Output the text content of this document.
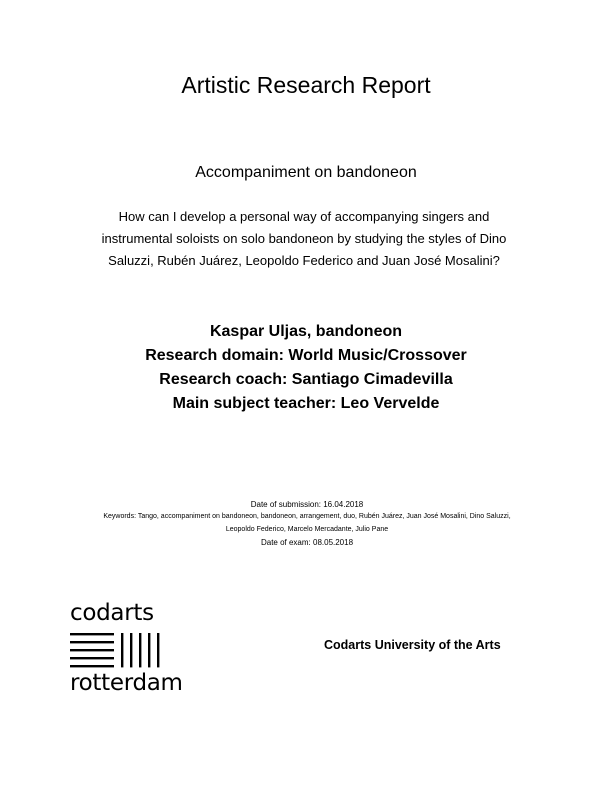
Artistic Research Report
Accompaniment on bandoneon
How can I develop a personal way of accompanying singers and
instrumental soloists on solo bandoneon by studying the styles of Dino
Saluzzi, Rubén Juárez, Leopoldo Federico and Juan José Mosalini?
Kaspar Uljas, bandoneon
Research domain: World Music/Crossover
Research coach: Santiago Cimadevilla
Main subject teacher: Leo Vervelde
Date of submission: 16.04.2018
Keywords: Tango, accompaniment on bandoneon, bandoneon, arrangement, duo, Rubén Juárez, Juan José Mosalini, Dino Saluzzi,
Leopoldo Federico, Marcelo Mercadante, Julio Pane
Date of exam: 08.05.2018
codarts
rotterdam
Codarts University of the Arts
